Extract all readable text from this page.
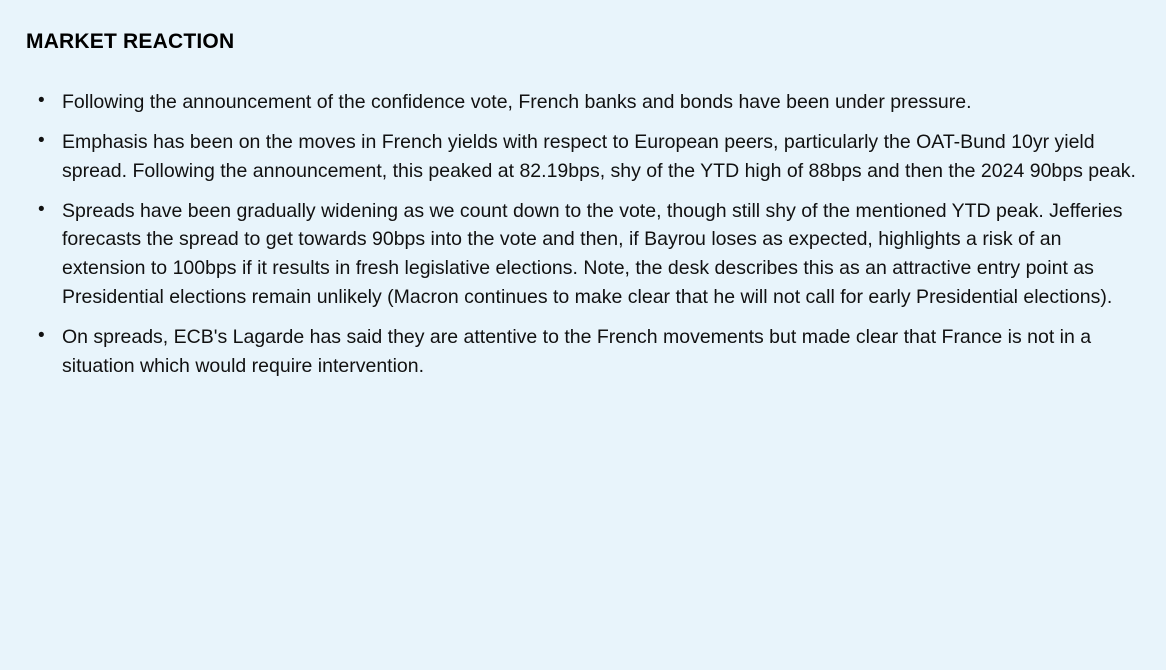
MARKET REACTION
• Following the announcement of the confidence vote, French banks and bonds have been under pressure.
• Emphasis has been on the moves in French yields with respect to European peers, particularly the OAT-Bund 10yr yield spread. Following the announcement, this peaked at 82.19bps, shy of the YTD high of 88bps and then the 2024 90bps peak.
• Spreads have been gradually widening as we count down to the vote, though still shy of the mentioned YTD peak. Jefferies forecasts the spread to get towards 90bps into the vote and then, if Bayrou loses as expected, highlights a risk of an extension to 100bps if it results in fresh legislative elections. Note, the desk describes this as an attractive entry point as Presidential elections remain unlikely (Macron continues to make clear that he will not call for early Presidential elections).
• On spreads, ECB's Lagarde has said they are attentive to the French movements but made clear that France is not in a situation which would require intervention.
